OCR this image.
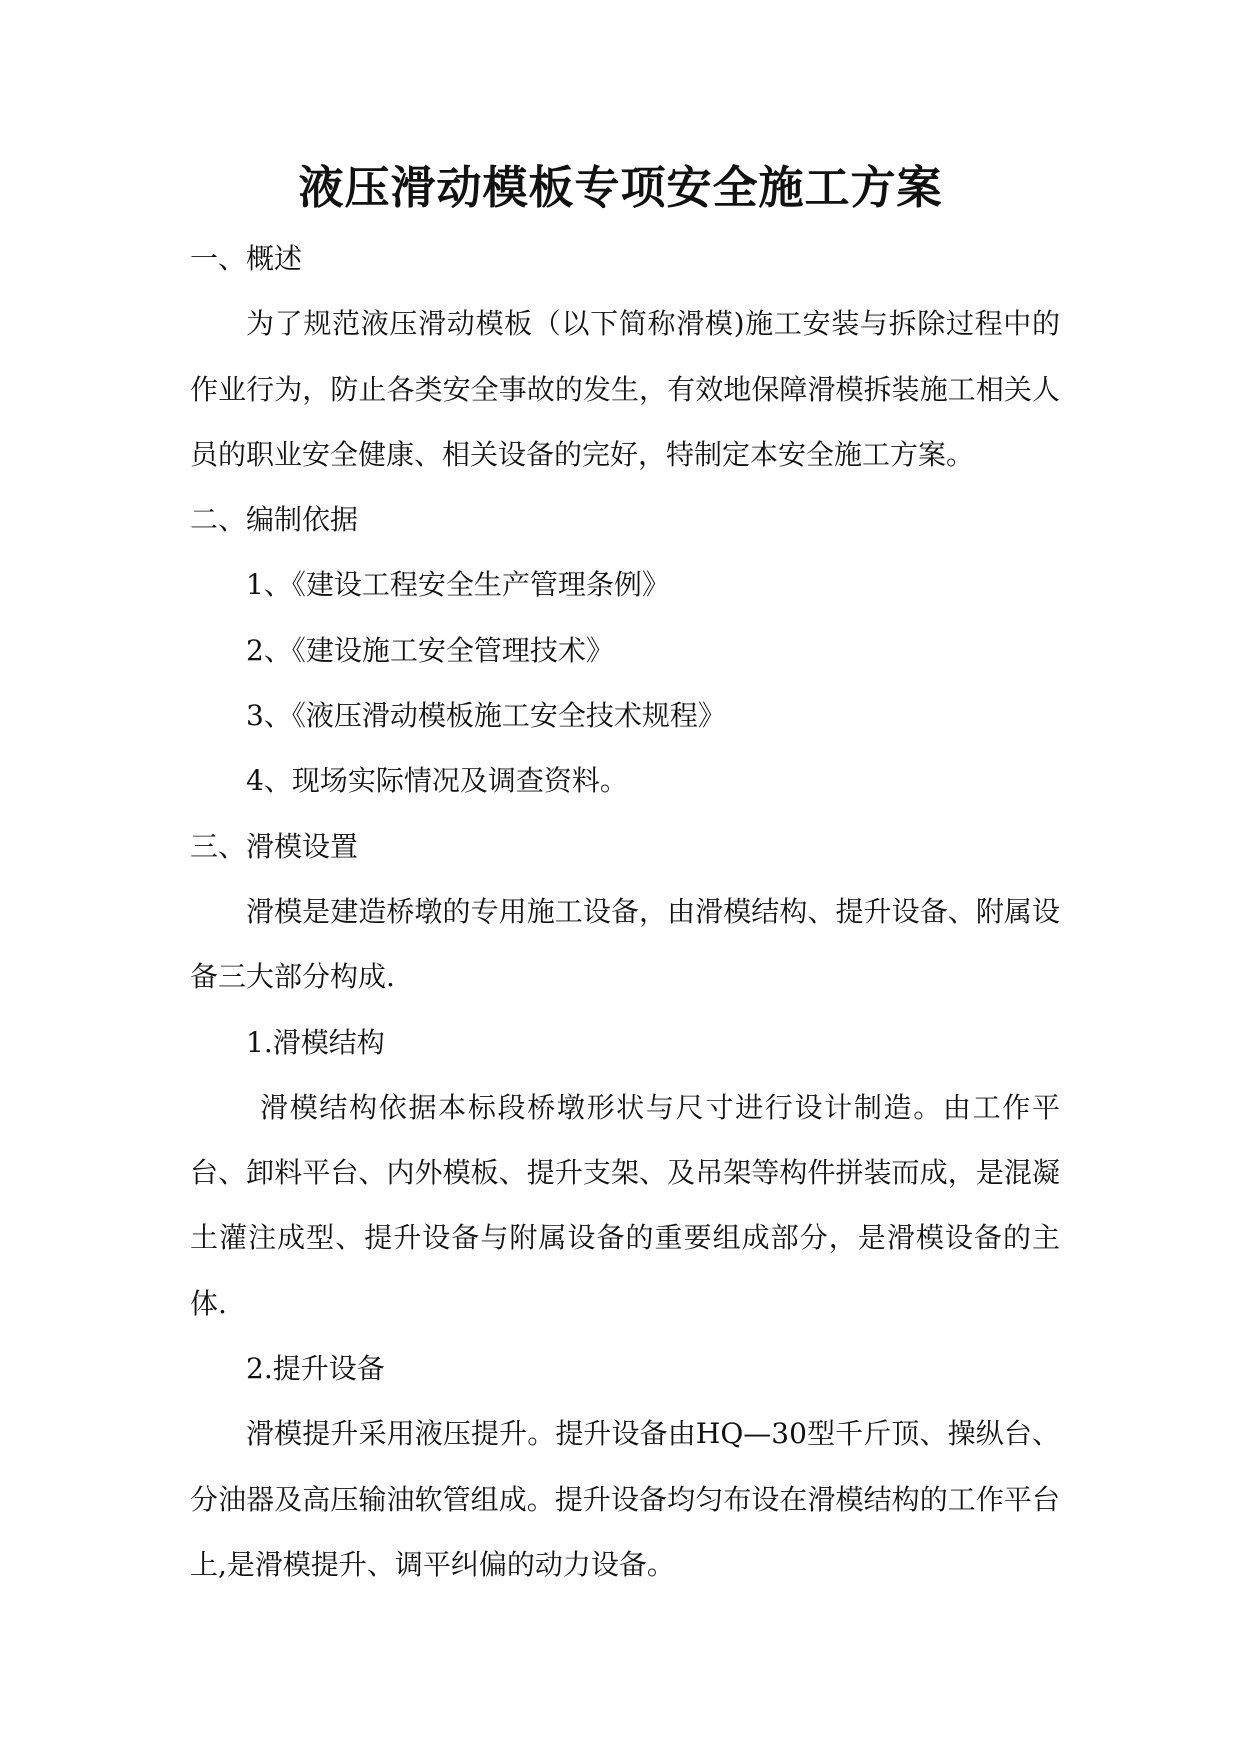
液压滑动模板专项安全施工方案

一、概述

为了规范液压滑动模板（以下简称滑模)施工安装与拆除过程中的作业行为，防止各类安全事故的发生，有效地保障滑模拆装施工相关人员的职业安全健康、相关设备的完好，特制定本安全施工方案。

二、编制依据

1、《建设工程安全生产管理条例》

2、《建设施工安全管理技术》

3、《液压滑动模板施工安全技术规程》

4、现场实际情况及调查资料。

三、滑模设置

滑模是建造桥墩的专用施工设备，由滑模结构、提升设备、附属设备三大部分构成.

1.滑模结构

滑模结构依据本标段桥墩形状与尺寸进行设计制造。由工作平台、卸料平台、内外模板、提升支架、及吊架等构件拼装而成，是混凝土灌注成型、提升设备与附属设备的重要组成部分，是滑模设备的主体.

2.提升设备

滑模提升采用液压提升。提升设备由HQ—30型千斤顶、操纵台、分油器及高压输油软管组成。提升设备均匀布设在滑模结构的工作平台上,是滑模提升、调平纠偏的动力设备。
